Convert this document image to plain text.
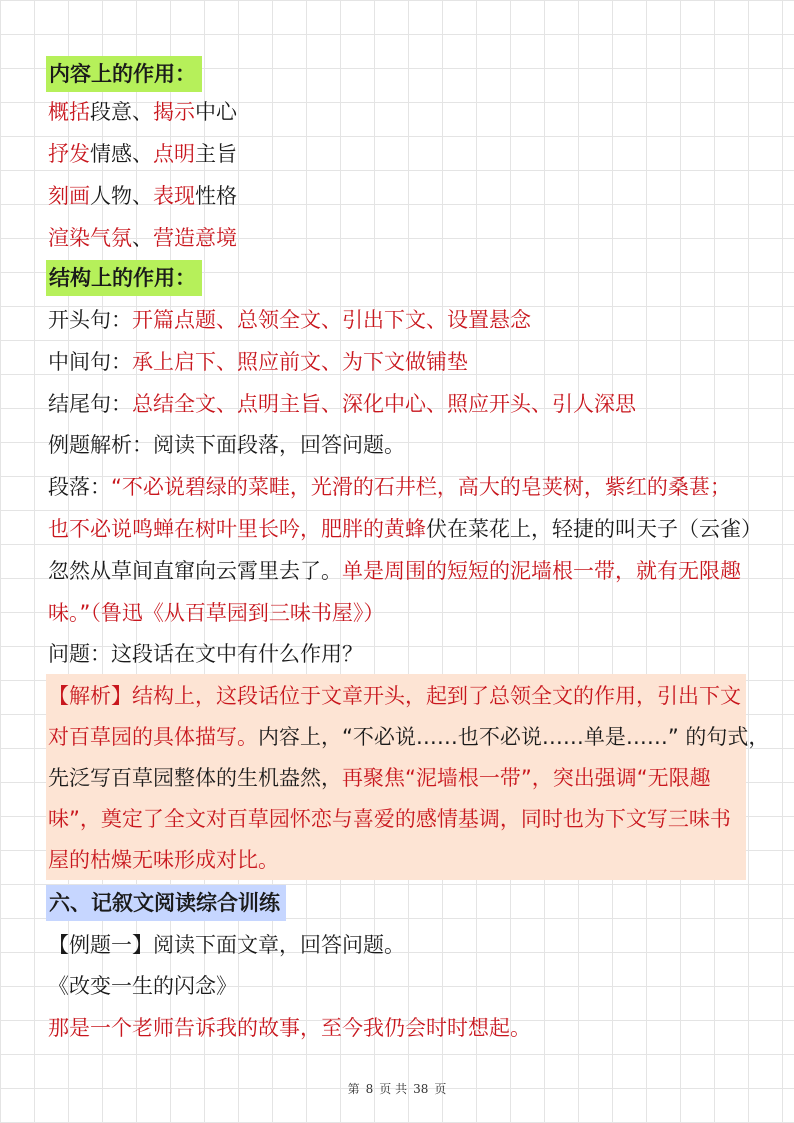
内容上的作用：
概括段意、揭示中心
抒发情感、点明主旨
刻画人物、表现性格
渲染气氛、营造意境
结构上的作用：
开头句：开篇点题、总领全文、引出下文、设置悬念
中间句：承上启下、照应前文、为下文做铺垫
结尾句：总结全文、点明主旨、深化中心、照应开头、引人深思
例题解析：阅读下面段落，回答问题。
段落：“不必说碧绿的菜畦，光滑的石井栏，高大的皂荚树，紫红的桑葚；
也不必说鸣蝉在树叶里长吟，肥胖的黄蜂伏在菜花上，轻捷的叫天子（云雀）
忽然从草间直窜向云霄里去了。单是周围的短短的泥墙根一带，就有无限趣
味。”（鲁迅《从百草园到三味书屋》）
问题：这段话在文中有什么作用？
【解析】结构上，这段话位于文章开头，起到了总领全文的作用，引出下文
对百草园的具体描写。内容上，“不必说……也不必说……单是……” 的句式，
先泛写百草园整体的生机盎然，再聚焦“泥墙根一带”，突出强调“无限趣
味”，奠定了全文对百草园怀恋与喜爱的感情基调，同时也为下文写三味书
屋的枯燥无味形成对比。
六、记叙文阅读综合训练
【例题一】阅读下面文章，回答问题。
《改变一生的闪念》
那是一个老师告诉我的故事，至今我仍会时时想起。
第 8 页 共 38 页
